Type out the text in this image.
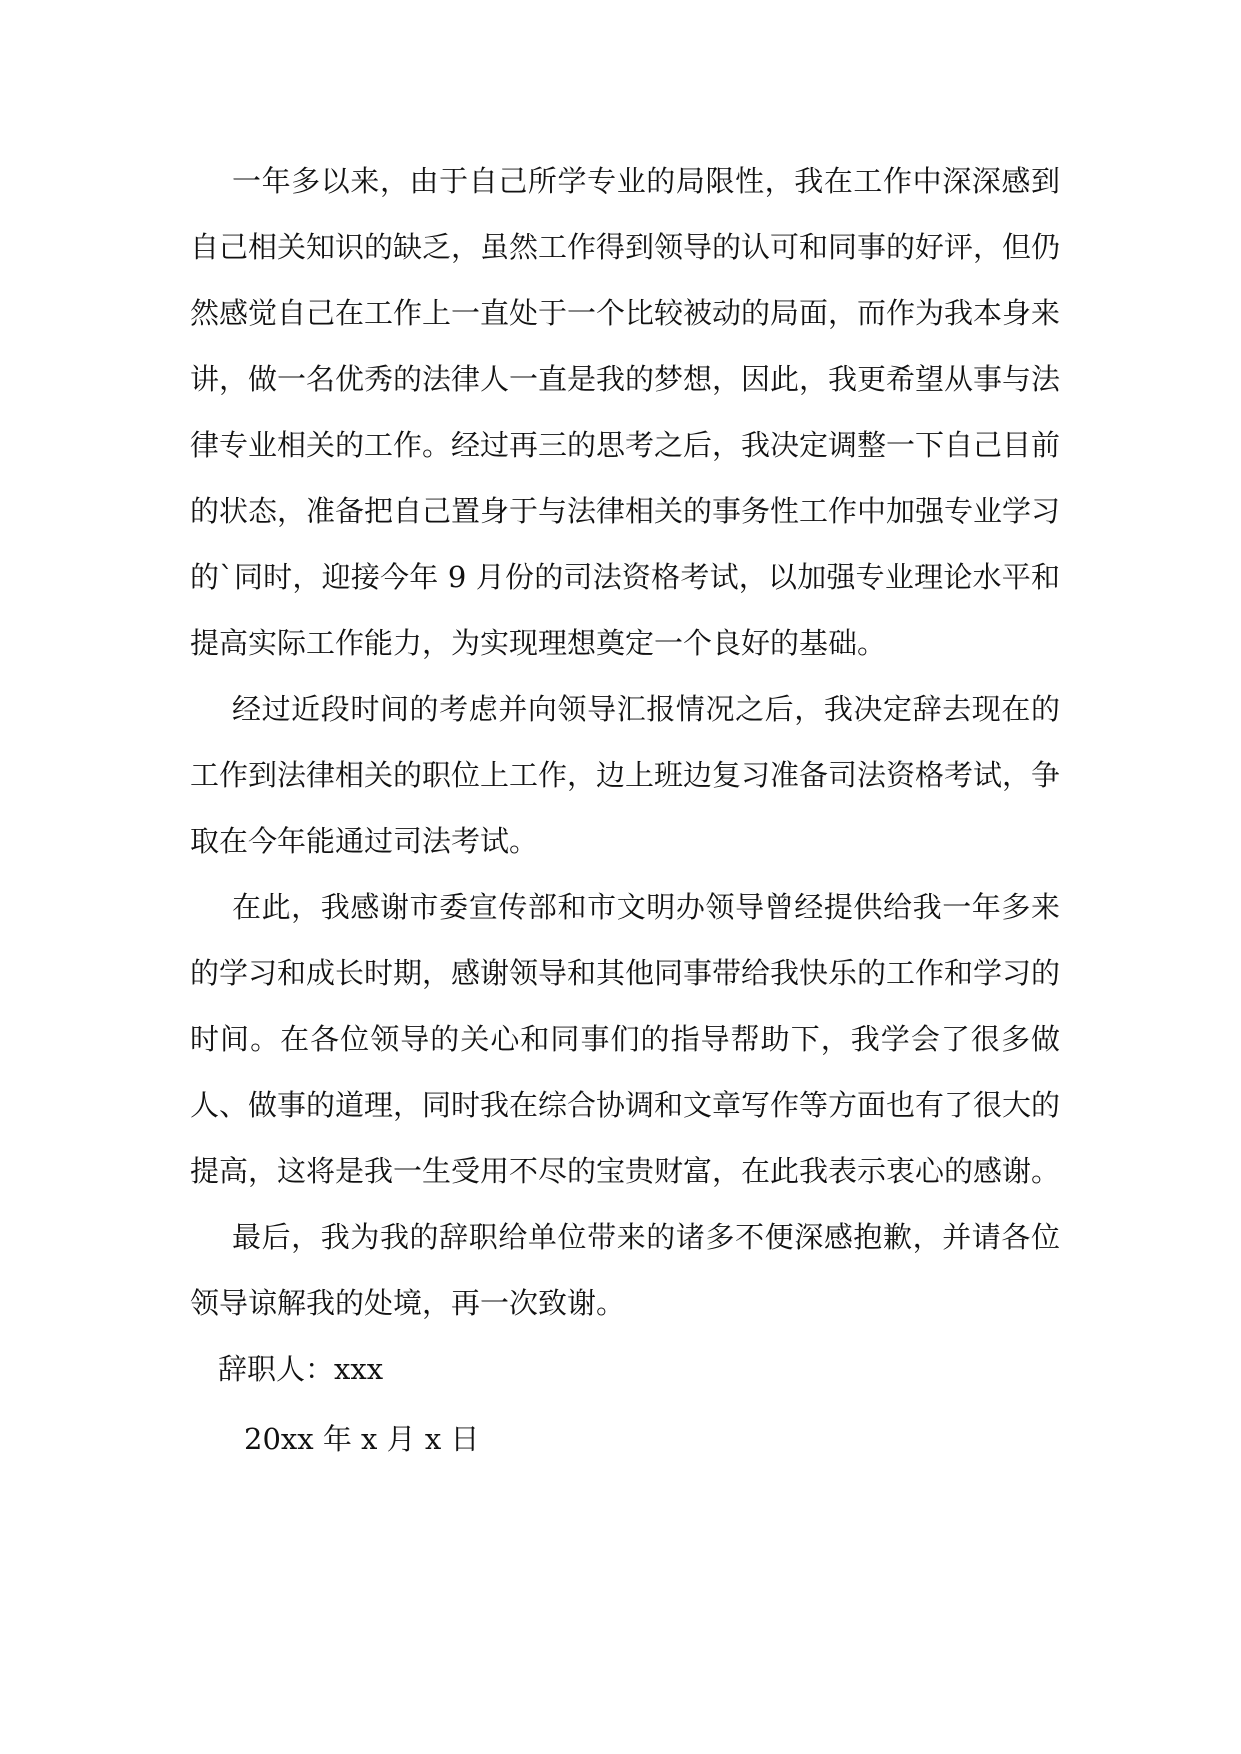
一年多以来，由于自己所学专业的局限性，我在工作中深深感到自己相关知识的缺乏，虽然工作得到领导的认可和同事的好评，但仍然感觉自己在工作上一直处于一个比较被动的局面，而作为我本身来讲，做一名优秀的法律人一直是我的梦想，因此，我更希望从事与法律专业相关的工作。经过再三的思考之后，我决定调整一下自己目前的状态，准备把自己置身于与法律相关的事务性工作中加强专业学习的`同时，迎接今年 9 月份的司法资格考试，以加强专业理论水平和提高实际工作能力，为实现理想奠定一个良好的基础。

经过近段时间的考虑并向领导汇报情况之后，我决定辞去现在的工作到法律相关的职位上工作，边上班边复习准备司法资格考试，争取在今年能通过司法考试。

在此，我感谢市委宣传部和市文明办领导曾经提供给我一年多来的学习和成长时期，感谢领导和其他同事带给我快乐的工作和学习的时间。在各位领导的关心和同事们的指导帮助下，我学会了很多做人、做事的道理，同时我在综合协调和文章写作等方面也有了很大的提高，这将是我一生受用不尽的宝贵财富，在此我表示衷心的感谢。

最后，我为我的辞职给单位带来的诸多不便深感抱歉，并请各位领导谅解我的处境，再一次致谢。

辞职人：xxx

20xx 年 x 月 x 日
